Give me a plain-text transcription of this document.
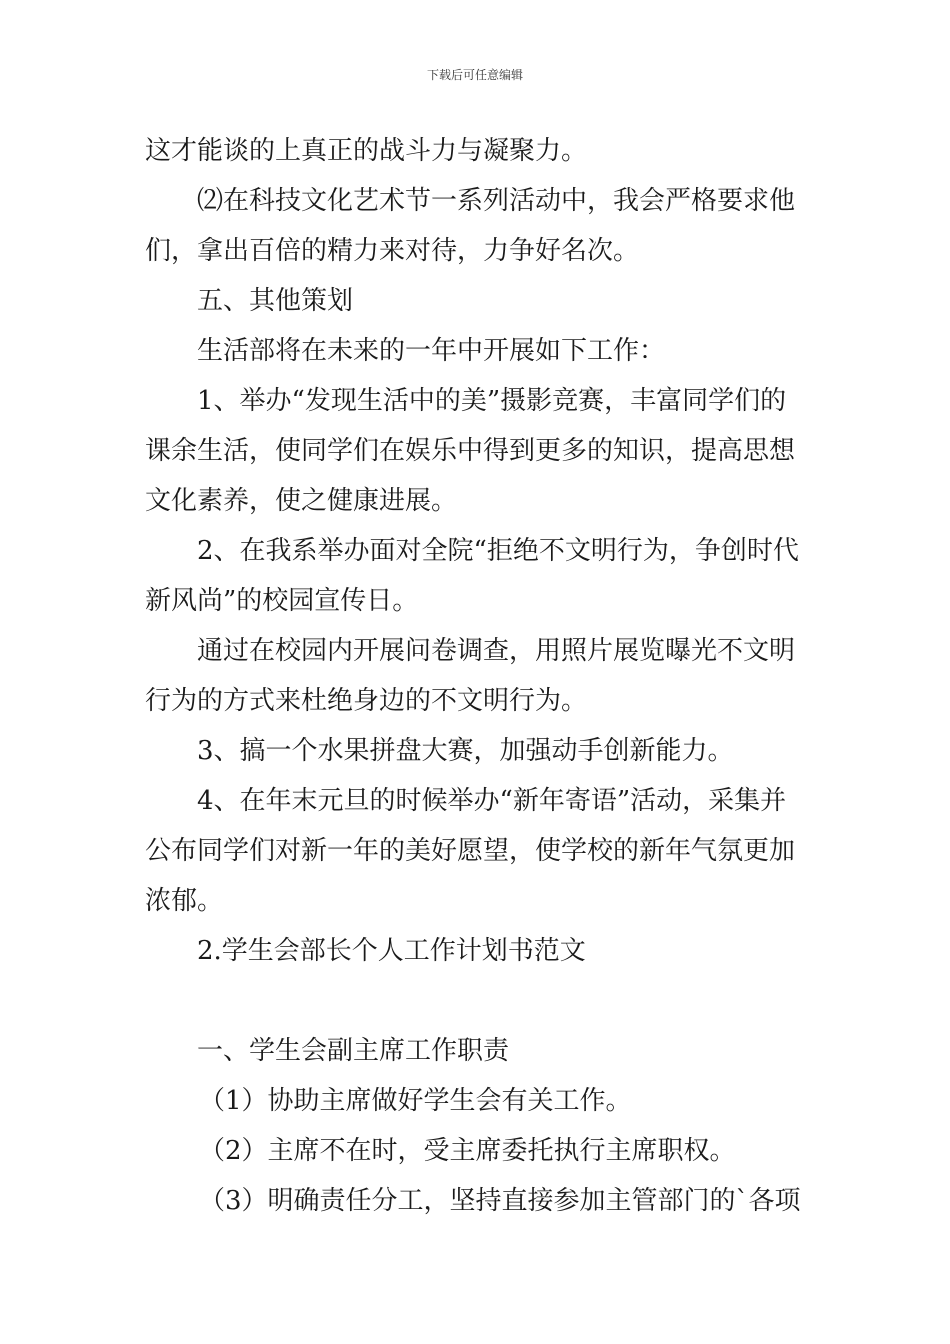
下载后可任意编辑
这才能谈的上真正的战斗力与凝聚力。
⑵在科技文化艺术节一系列活动中，我会严格要求他
们，拿出百倍的精力来对待，力争好名次。
五、其他策划
生活部将在未来的一年中开展如下工作：
1、举办“发现生活中的美”摄影竞赛，丰富同学们的
课余生活，使同学们在娱乐中得到更多的知识，提高思想
文化素养，使之健康进展。
2、在我系举办面对全院“拒绝不文明行为，争创时代
新风尚”的校园宣传日。
通过在校园内开展问卷调查，用照片展览曝光不文明
行为的方式来杜绝身边的不文明行为。
3、搞一个水果拼盘大赛，加强动手创新能力。
4、在年末元旦的时候举办“新年寄语”活动，采集并
公布同学们对新一年的美好愿望，使学校的新年气氛更加
浓郁。
2.学生会部长个人工作计划书范文
一、学生会副主席工作职责
（1）协助主席做好学生会有关工作。
（2）主席不在时，受主席委托执行主席职权。
（3）明确责任分工，坚持直接参加主管部门的`各项
